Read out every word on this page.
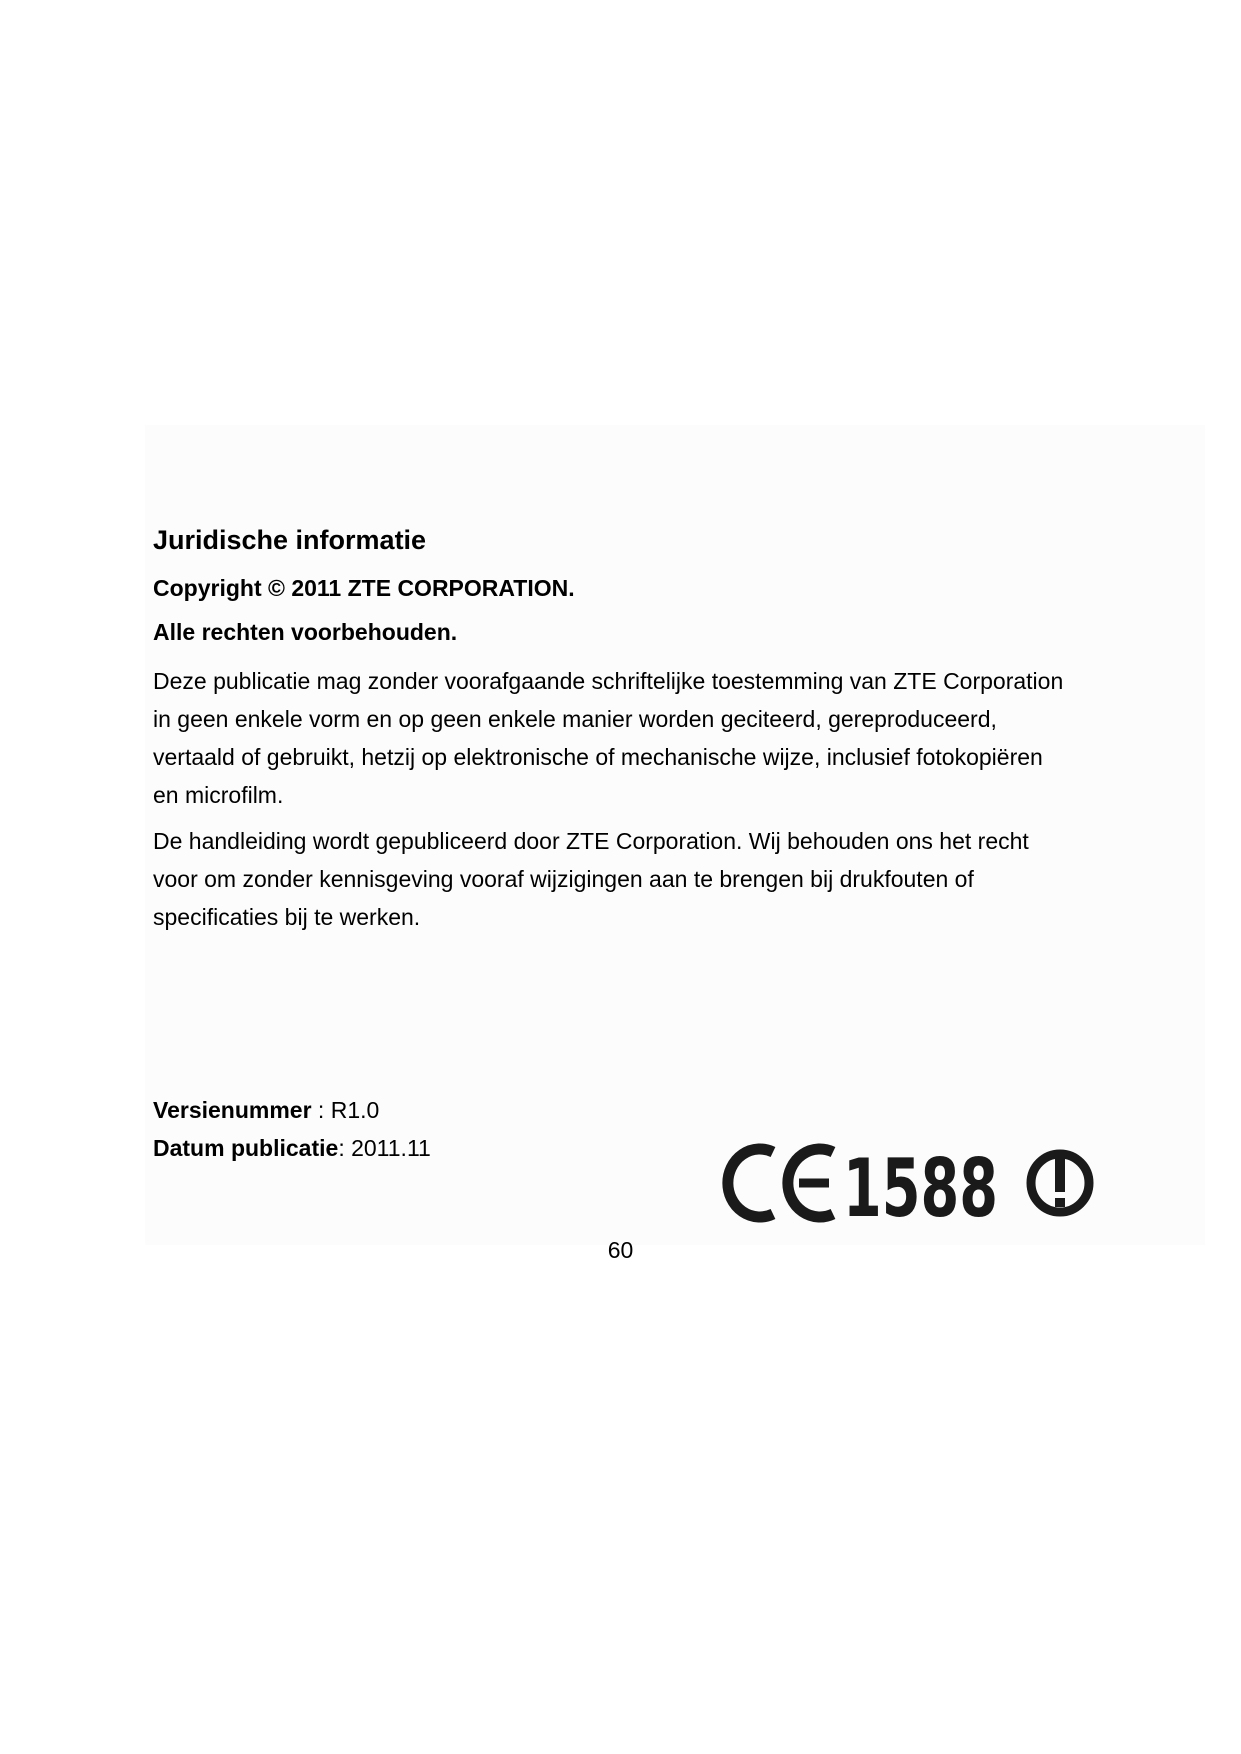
Juridische informatie
Copyright © 2011 ZTE CORPORATION.
Alle rechten voorbehouden.

Deze publicatie mag zonder voorafgaande schriftelijke toestemming van ZTE Corporation in geen enkele vorm en op geen enkele manier worden geciteerd, gereproduceerd, vertaald of gebruikt, hetzij op elektronische of mechanische wijze, inclusief fotokopiëren en microfilm.

De handleiding wordt gepubliceerd door ZTE Corporation. Wij behouden ons het recht voor om zonder kennisgeving vooraf wijzigingen aan te brengen bij drukfouten of specificaties bij te werken.

Versienummer : R1.0
Datum publicatie: 2011.11	1588
60
